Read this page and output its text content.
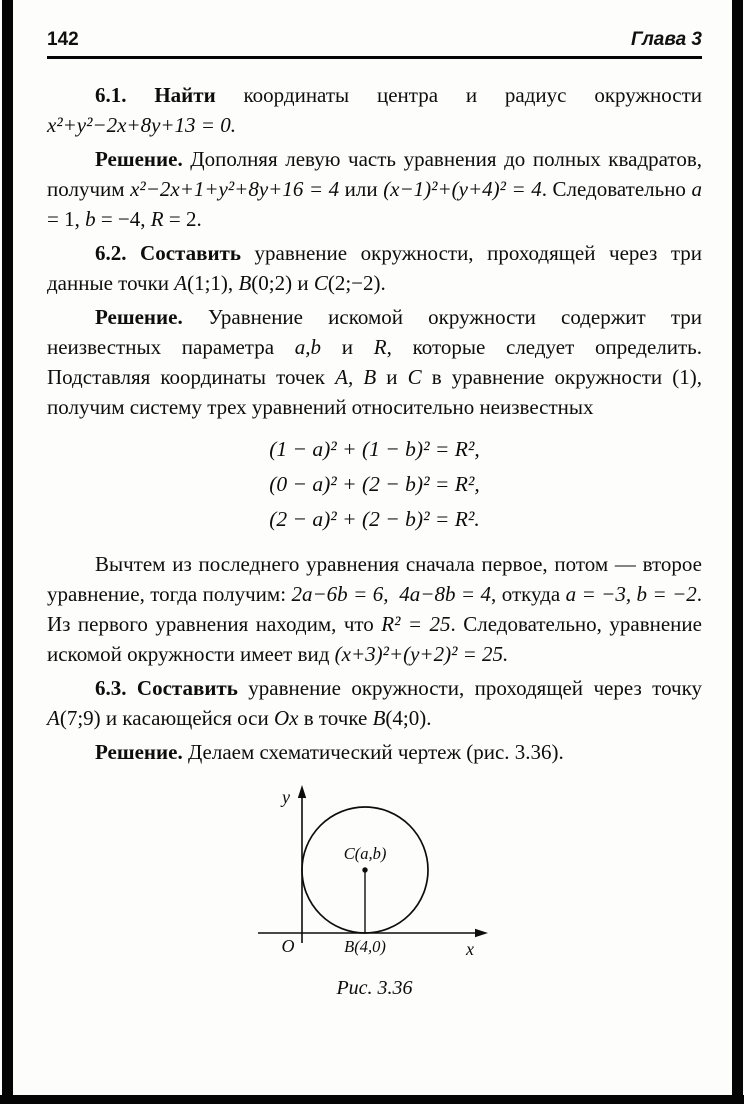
142	Глава 3

6.1. Найти координаты центра и радиус окружности x²+y²−2x+8y+13 = 0.

Решение. Дополняя левую часть уравнения до полных квадратов, получим x²−2x+1+y²+8y+16 = 4 или (x−1)²+(y+4)² = 4. Следовательно a = 1, b = −4, R = 2.

6.2. Составить уравнение окружности, проходящей через три данные точки A(1;1), B(0;2) и C(2;−2).

Решение. Уравнение искомой окружности содержит три неизвестных параметра a,b и R, которые следует определить. Подставляя координаты точек A, B и C в уравнение окружности (1), получим систему трех уравнений относительно неизвестных

(1 − a)² + (1 − b)² = R²,
(0 − a)² + (2 − b)² = R²,
(2 − a)² + (2 − b)² = R².

Вычтем из последнего уравнения сначала первое, потом — второе уравнение, тогда получим: 2a−6b = 6,  4a−8b = 4, откуда a = −3, b = −2. Из первого уравнения находим, что R² = 25. Следовательно, уравнение искомой окружности имеет вид (x+3)²+(y+2)² = 25.

6.3. Составить уравнение окружности, проходящей через точку A(7;9) и касающейся оси Ox в точке B(4;0).

Решение. Делаем схематический чертеж (рис. 3.36).

y
x
O
C(a,b)
B(4,0)
Рис. 3.36
